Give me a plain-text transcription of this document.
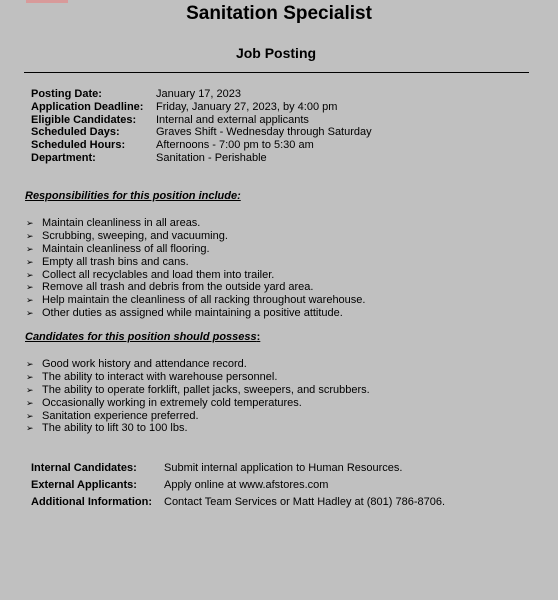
Sanitation Specialist
Job Posting
Posting Date:	January 17, 2023
Application Deadline: Friday, January 27, 2023, by 4:00 pm
Eligible Candidates: Internal and external applicants
Scheduled Days:	Graves Shift - Wednesday through Saturday
Scheduled Hours:	Afternoons - 7:00 pm to 5:30 am
Department:	Sanitation - Perishable
Responsibilities for this position include:
➢ Maintain cleanliness in all areas.
➢ Scrubbing, sweeping, and vacuuming.
➢ Maintain cleanliness of all flooring.
➢ Empty all trash bins and cans.
➢ Collect all recyclables and load them into trailer.
➢ Remove all trash and debris from the outside yard area.
➢ Help maintain the cleanliness of all racking throughout warehouse.
➢ Other duties as assigned while maintaining a positive attitude.
Candidates for this position should possess:
➢ Good work history and attendance record.
➢ The ability to interact with warehouse personnel.
➢ The ability to operate forklift, pallet jacks, sweepers, and scrubbers.
➢ Occasionally working in extremely cold temperatures.
➢ Sanitation experience preferred.
➢ The ability to lift 30 to 100 lbs.
Internal Candidates: Submit internal application to Human Resources.
External Applicants: Apply online at www.afstores.com
Additional Information: Contact Team Services or Matt Hadley at (801) 786-8706.
